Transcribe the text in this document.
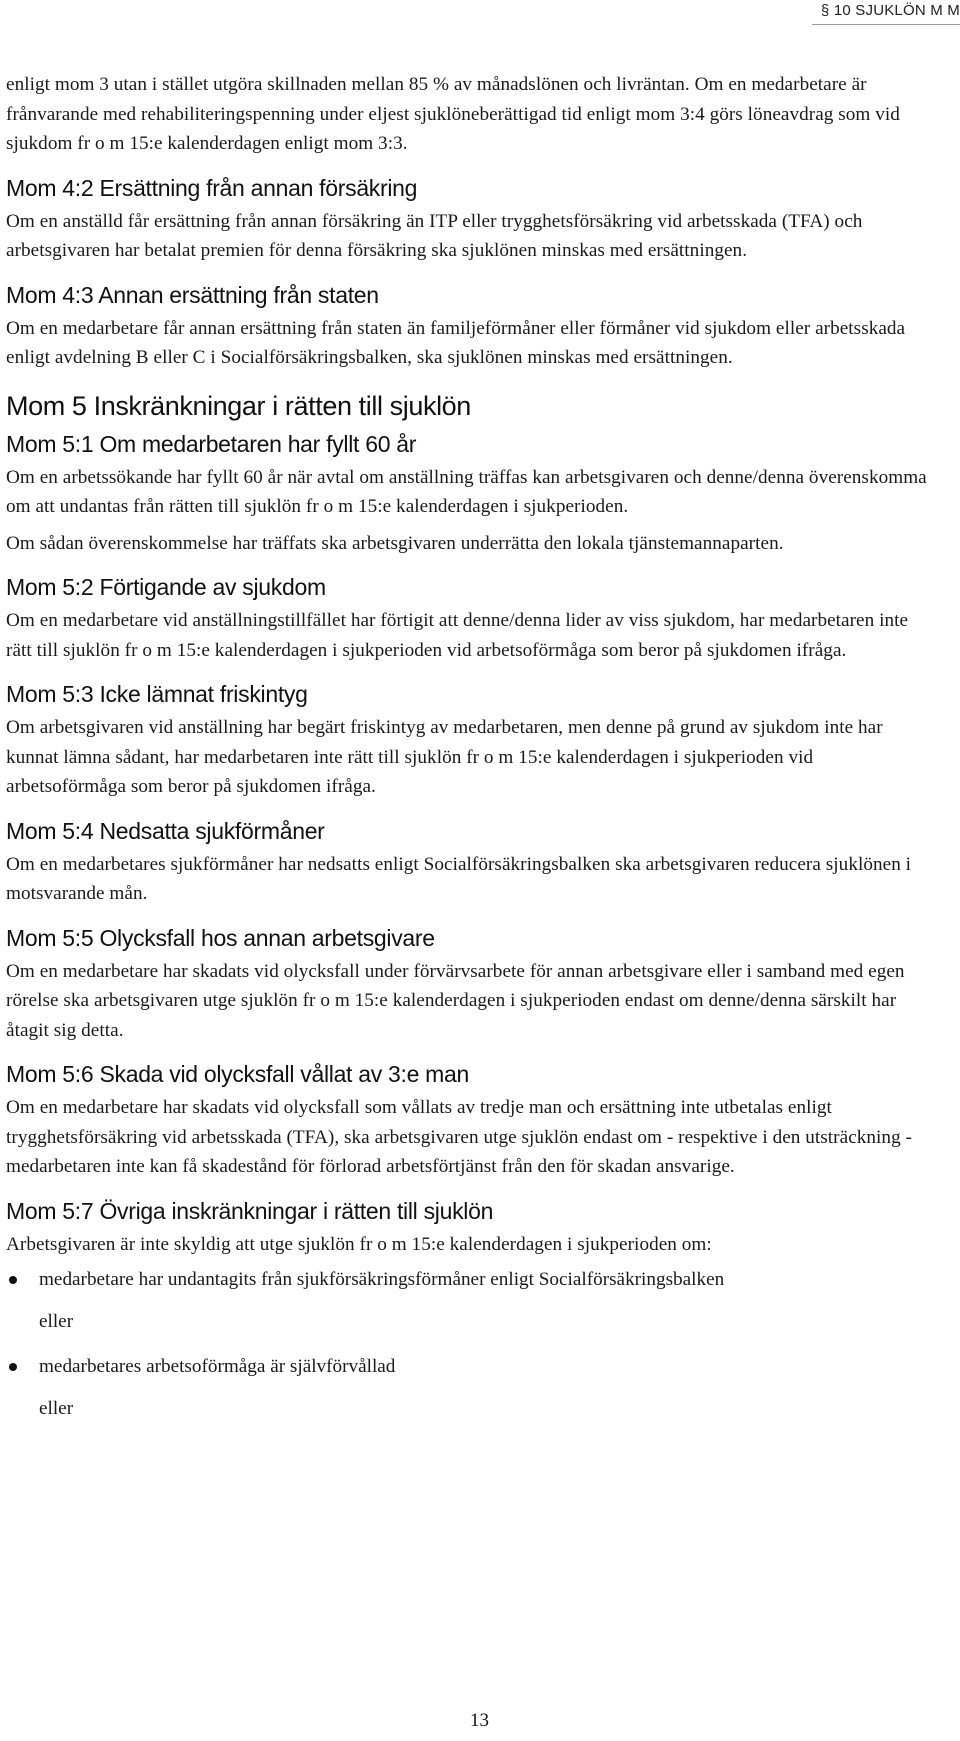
§ 10 SJUKLÖN M M

enligt mom 3 utan i stället utgöra skillnaden mellan 85 % av månadslönen och livräntan. Om en medarbetare är frånvarande med rehabiliteringspenning under eljest sjuklöneberättigad tid enligt mom 3:4 görs löneavdrag som vid sjukdom fr o m 15:e kalenderdagen enligt mom 3:3.

Mom 4:2 Ersättning från annan försäkring

Om en anställd får ersättning från annan försäkring än ITP eller trygghetsförsäkring vid arbetsskada (TFA) och arbetsgivaren har betalat premien för denna försäkring ska sjuklönen minskas med ersättningen.

Mom 4:3 Annan ersättning från staten

Om en medarbetare får annan ersättning från staten än familjeförmåner eller förmåner vid sjukdom eller arbetsskada enligt avdelning B eller C i Socialförsäkringsbalken, ska sjuklönen minskas med ersättningen.

Mom 5 Inskränkningar i rätten till sjuklön
Mom 5:1 Om medarbetaren har fyllt 60 år

Om en arbetssökande har fyllt 60 år när avtal om anställning träffas kan arbetsgivaren och denne/denna överenskomma om att undantas från rätten till sjuklön fr o m 15:e kalenderdagen i sjukperioden.

Om sådan överenskommelse har träffats ska arbetsgivaren underrätta den lokala tjänstemannaparten.

Mom 5:2 Förtigande av sjukdom

Om en medarbetare vid anställningstillfället har förtigit att denne/denna lider av viss sjukdom, har medarbetaren inte rätt till sjuklön fr o m 15:e kalenderdagen i sjukperioden vid arbetsoförmåga som beror på sjukdomen ifråga.

Mom 5:3 Icke lämnat friskintyg

Om arbetsgivaren vid anställning har begärt friskintyg av medarbetaren, men denne på grund av sjukdom inte har kunnat lämna sådant, har medarbetaren inte rätt till sjuklön fr o m 15:e kalenderdagen i sjukperioden vid arbetsoförmåga som beror på sjukdomen ifråga.

Mom 5:4 Nedsatta sjukförmåner

Om en medarbetares sjukförmåner har nedsatts enligt Socialförsäkringsbalken ska arbetsgivaren reducera sjuklönen i motsvarande mån.

Mom 5:5 Olycksfall hos annan arbetsgivare

Om en medarbetare har skadats vid olycksfall under förvärvsarbete för annan arbetsgivare eller i samband med egen rörelse ska arbetsgivaren utge sjuklön fr o m 15:e kalenderdagen i sjukperioden endast om denne/denna särskilt har åtagit sig detta.

Mom 5:6 Skada vid olycksfall vållat av 3:e man

Om en medarbetare har skadats vid olycksfall som vållats av tredje man och ersättning inte utbetalas enligt trygghetsförsäkring vid arbetsskada (TFA), ska arbetsgivaren utge sjuklön endast om - respektive i den utsträckning - medarbetaren inte kan få skadestånd för förlorad arbetsförtjänst från den för skadan ansvarige.

Mom 5:7 Övriga inskränkningar i rätten till sjuklön

Arbetsgivaren är inte skyldig att utge sjuklön fr o m 15:e kalenderdagen i sjukperioden om:

medarbetare har undantagits från sjukförsäkringsförmåner enligt Socialförsäkringsbalken
eller
medarbetares arbetsoförmåga är självförvållad
eller
13
